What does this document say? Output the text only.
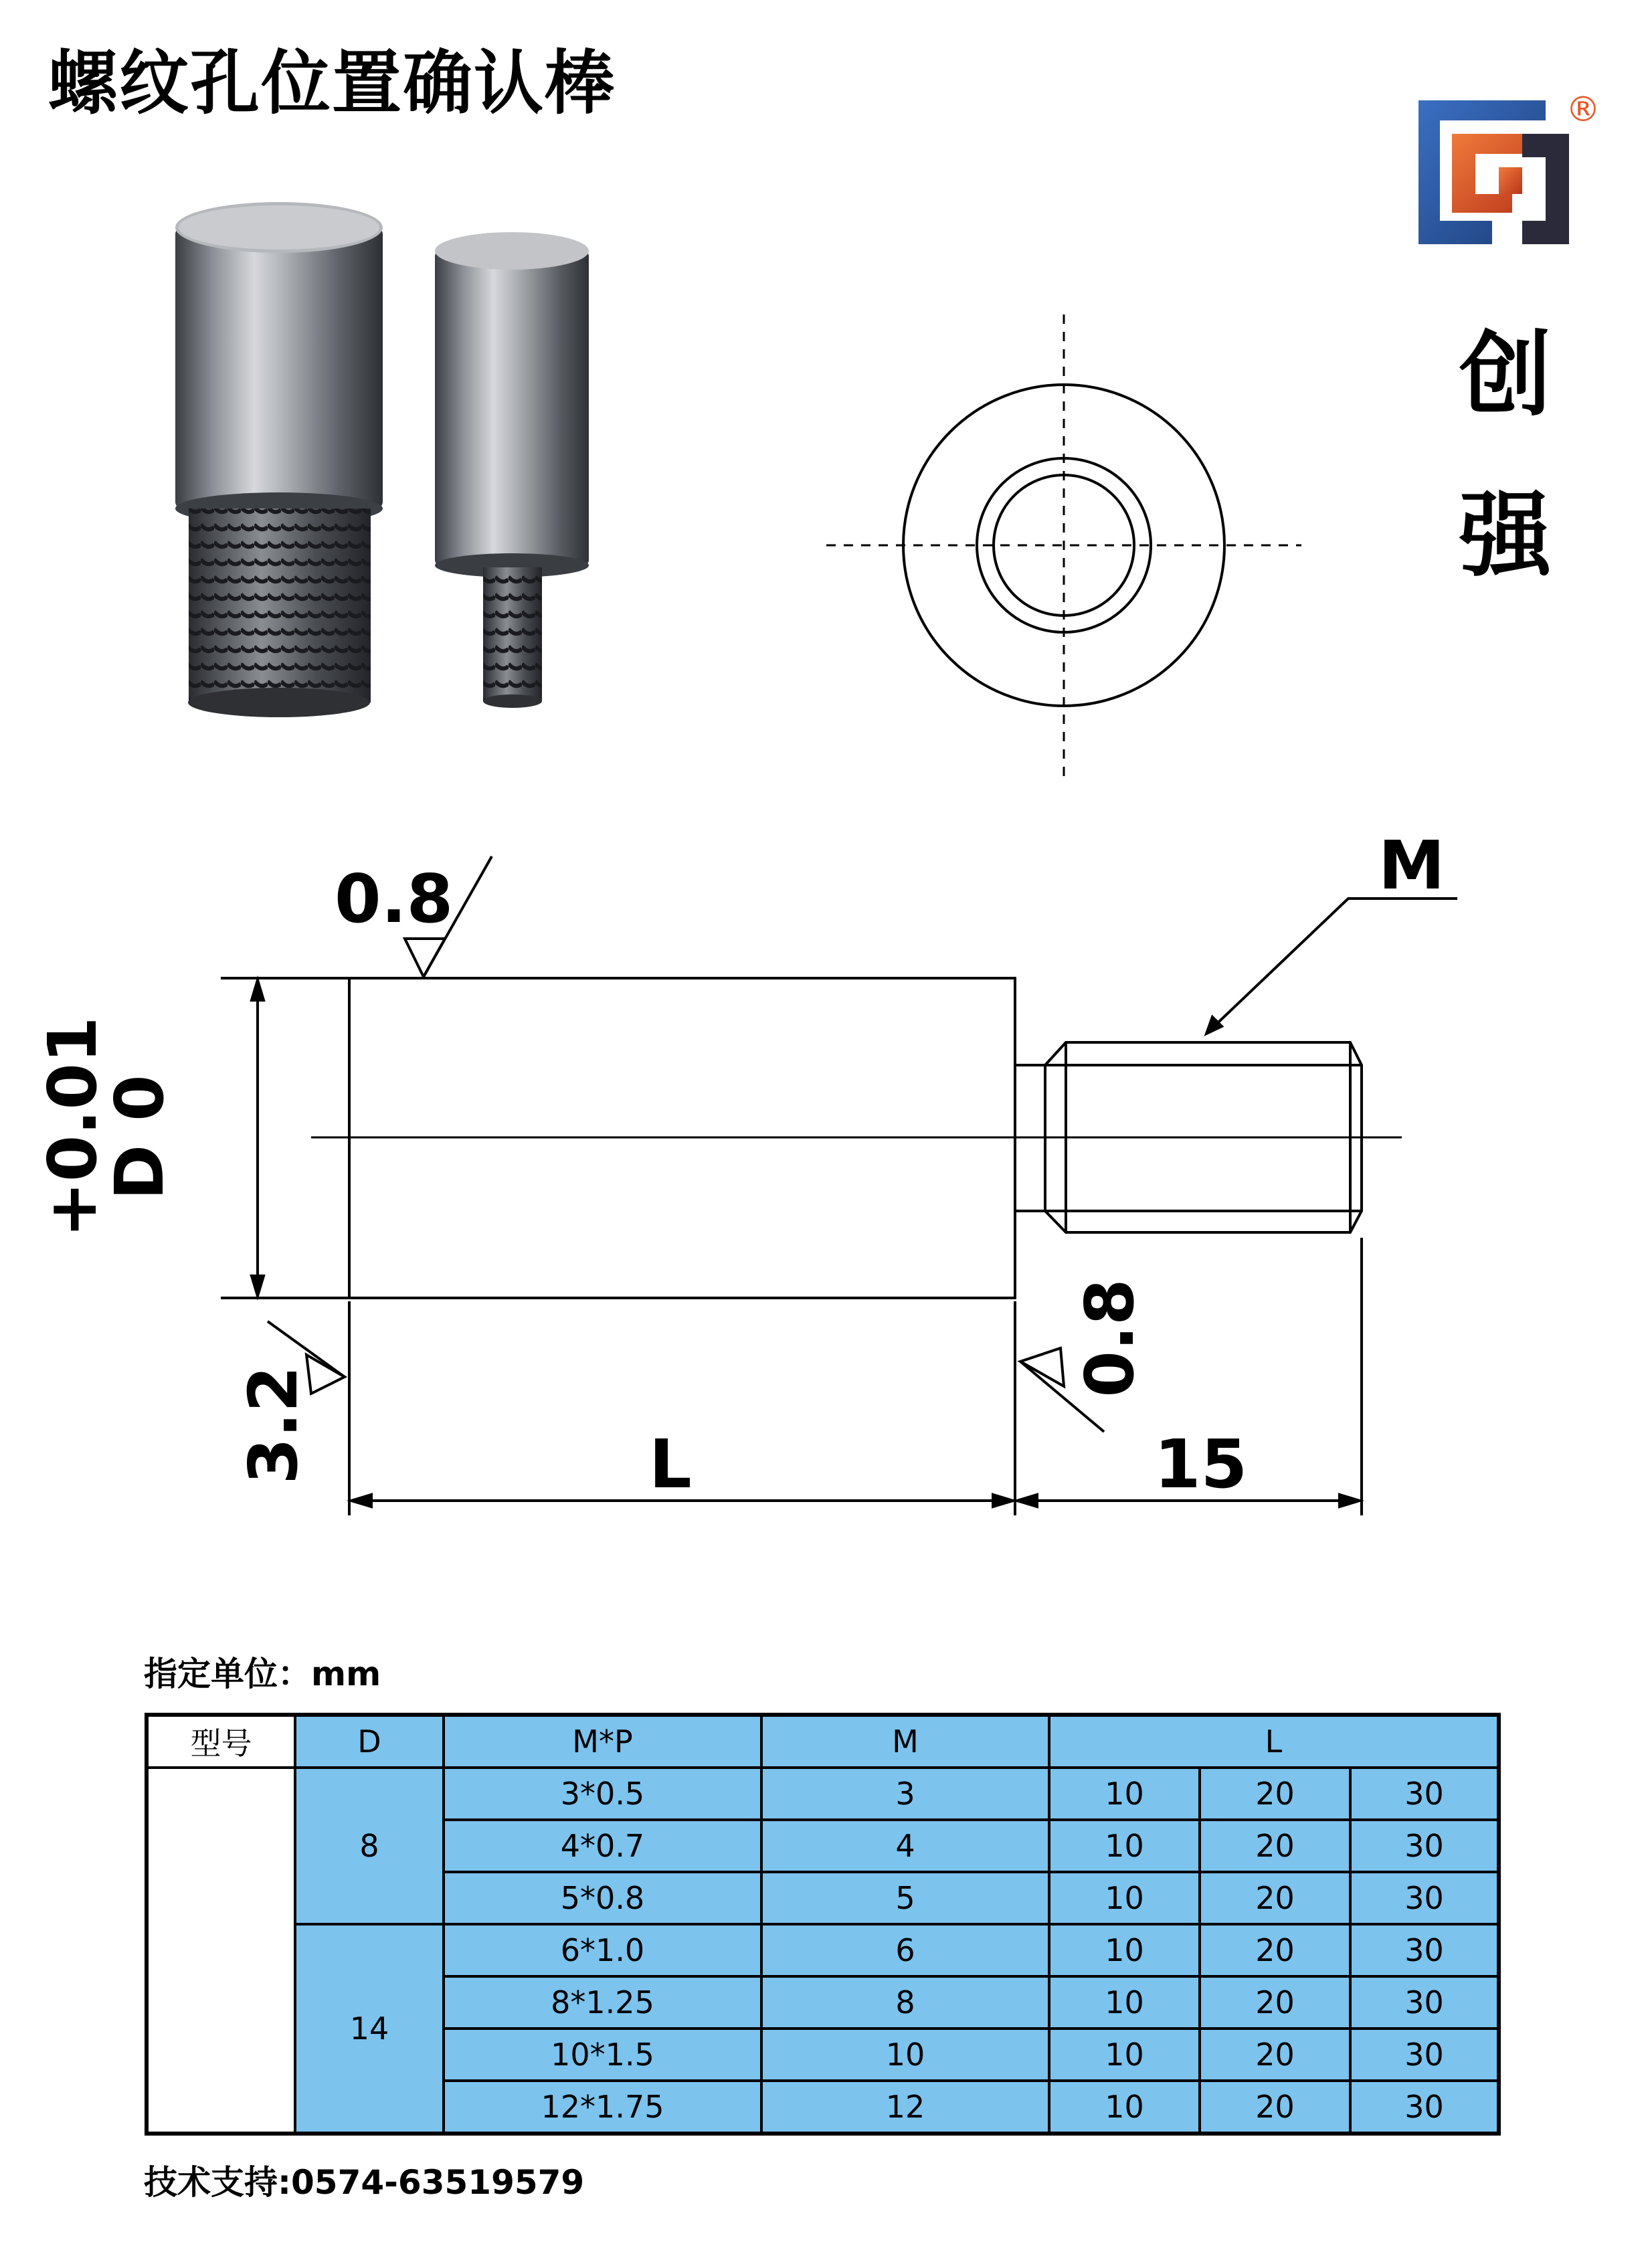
螺纹孔位置确认棒	®
创
强
0.8	M
+0.01
D 0
3.2
0.8
L	15
指定单位：mm
型号	D	M*P	M	L		
	8	3*0.5	3	10	20	30
		4*0.7	4	10	20	30
		5*0.8	5	10	20	30
	14	6*1.0	6	10	20	30
		8*1.25	8	10	20	30
		10*1.5	10	10	20	30
		12*1.75	12	10	20	30
技术支持:0574-63519579
